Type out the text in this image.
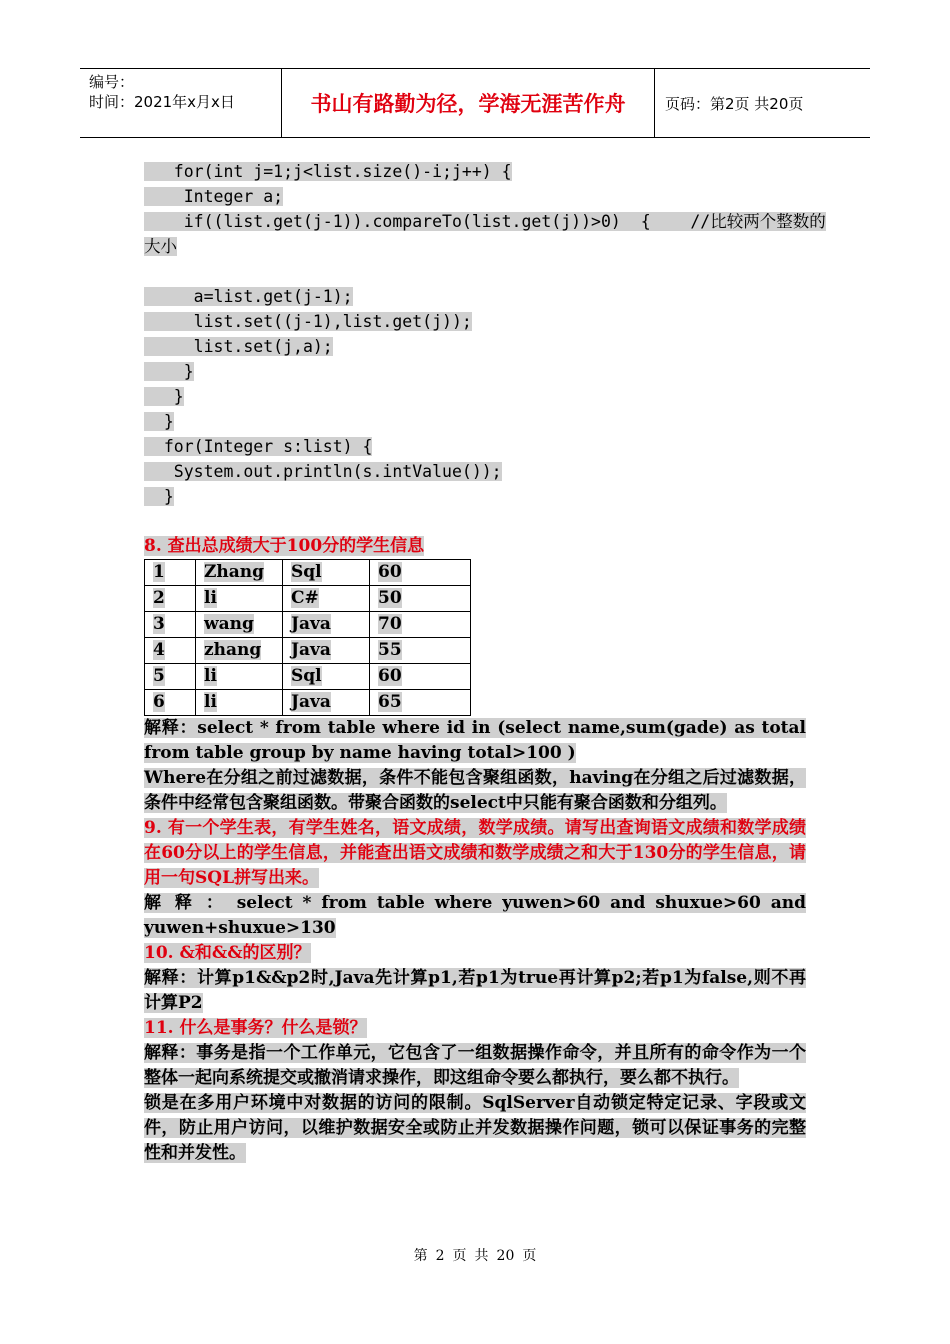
编号：
时间：2021年x月x日	书山有路勤为径，学海无涯苦作舟	页码：第2页 共20页
for(int j=1;j<list.size()-i;j++) {
Integer a;
if((list.get(j-1)).compareTo(list.get(j))>0)  {    //比较两个整数的
大小
a=list.get(j-1);
list.set((j-1),list.get(j));
list.set(j,a);
}
}
}
for(Integer s:list) {
System.out.println(s.intValue());
}
8. 查出总成绩大于100分的学生信息
1	Zhang	Sql	60
2	li	C#	50
3	wang	Java	70
4	zhang	Java	55
5	li	Sql	60
6	li	Java	65
解释：select * from table where id in (select name,sum(gade) as total from table group by name having total>100 )
Where在分组之前过滤数据，条件不能包含聚组函数，having在分组之后过滤数据，条件中经常包含聚组函数。带聚合函数的select中只能有聚合函数和分组列。
9. 有一个学生表，有学生姓名，语文成绩，数学成绩。请写出查询语文成绩和数学成绩在60分以上的学生信息，并能查出语文成绩和数学成绩之和大于130分的学生信息，请用一句SQL拼写出来。
解 释 ： select * from table where yuwen>60 and shuxue>60 and yuwen+shuxue>130
10. &和&&的区别？
解释：计算p1&&p2时,Java先计算p1,若p1为true再计算p2;若p1为false,则不再计算P2
11. 什么是事务？什么是锁？
解释：事务是指一个工作单元，它包含了一组数据操作命令，并且所有的命令作为一个整体一起向系统提交或撤消请求操作，即这组命令要么都执行，要么都不执行。
锁是在多用户环境中对数据的访问的限制。SqlServer自动锁定特定记录、字段或文件，防止用户访问，以维护数据安全或防止并发数据操作问题，锁可以保证事务的完整性和并发性。
第 2 页 共 20 页
